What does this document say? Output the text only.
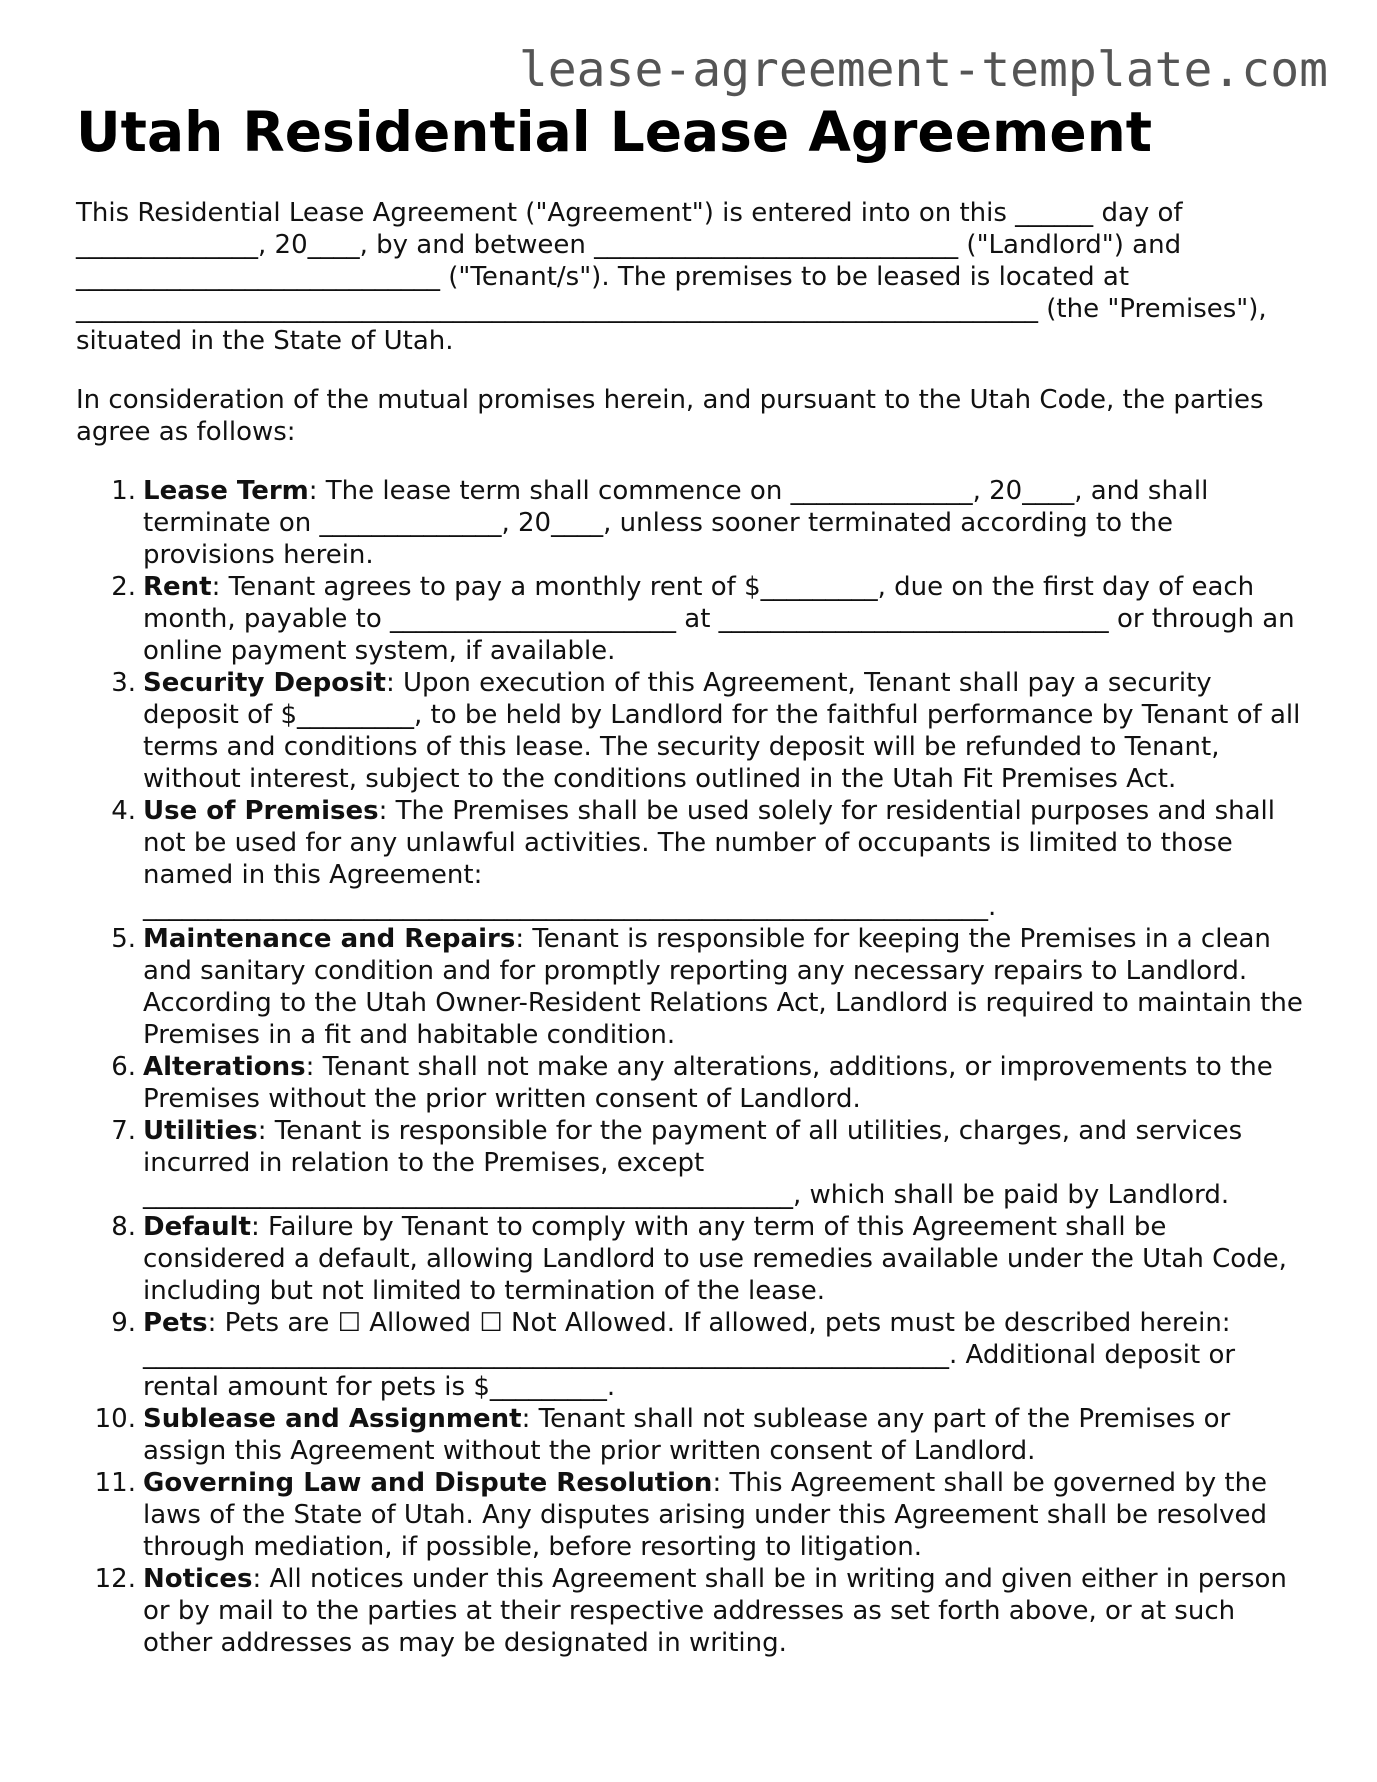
lease-agreement-template.com
Utah Residential Lease Agreement

This Residential Lease Agreement ("Agreement") is entered into on this ______ day of ______________, 20____, by and between ____________________________ ("Landlord") and ____________________________ ("Tenant/s"). The premises to be leased is located at __________________________________________________________________________ (the "Premises"), situated in the State of Utah.

In consideration of the mutual promises herein, and pursuant to the Utah Code, the parties agree as follows:

1. Lease Term: The lease term shall commence on ______________, 20____, and shall terminate on ______________, 20____, unless sooner terminated according to the provisions herein.
2. Rent: Tenant agrees to pay a monthly rent of $_________, due on the first day of each month, payable to ______________________ at ______________________________ or through an online payment system, if available.
3. Security Deposit: Upon execution of this Agreement, Tenant shall pay a security deposit of $_________, to be held by Landlord for the faithful performance by Tenant of all terms and conditions of this lease. The security deposit will be refunded to Tenant, without interest, subject to the conditions outlined in the Utah Fit Premises Act.
4. Use of Premises: The Premises shall be used solely for residential purposes and shall not be used for any unlawful activities. The number of occupants is limited to those named in this Agreement: _________________________________________________________________.
5. Maintenance and Repairs: Tenant is responsible for keeping the Premises in a clean and sanitary condition and for promptly reporting any necessary repairs to Landlord. According to the Utah Owner-Resident Relations Act, Landlord is required to maintain the Premises in a fit and habitable condition.
6. Alterations: Tenant shall not make any alterations, additions, or improvements to the Premises without the prior written consent of Landlord.
7. Utilities: Tenant is responsible for the payment of all utilities, charges, and services incurred in relation to the Premises, except __________________________________________________, which shall be paid by Landlord.
8. Default: Failure by Tenant to comply with any term of this Agreement shall be considered a default, allowing Landlord to use remedies available under the Utah Code, including but not limited to termination of the lease.
9. Pets: Pets are ☐ Allowed ☐ Not Allowed. If allowed, pets must be described herein: ______________________________________________________________. Additional deposit or rental amount for pets is $_________.
10. Sublease and Assignment: Tenant shall not sublease any part of the Premises or assign this Agreement without the prior written consent of Landlord.
11. Governing Law and Dispute Resolution: This Agreement shall be governed by the laws of the State of Utah. Any disputes arising under this Agreement shall be resolved through mediation, if possible, before resorting to litigation.
12. Notices: All notices under this Agreement shall be in writing and given either in person or by mail to the parties at their respective addresses as set forth above, or at such other addresses as may be designated in writing.
